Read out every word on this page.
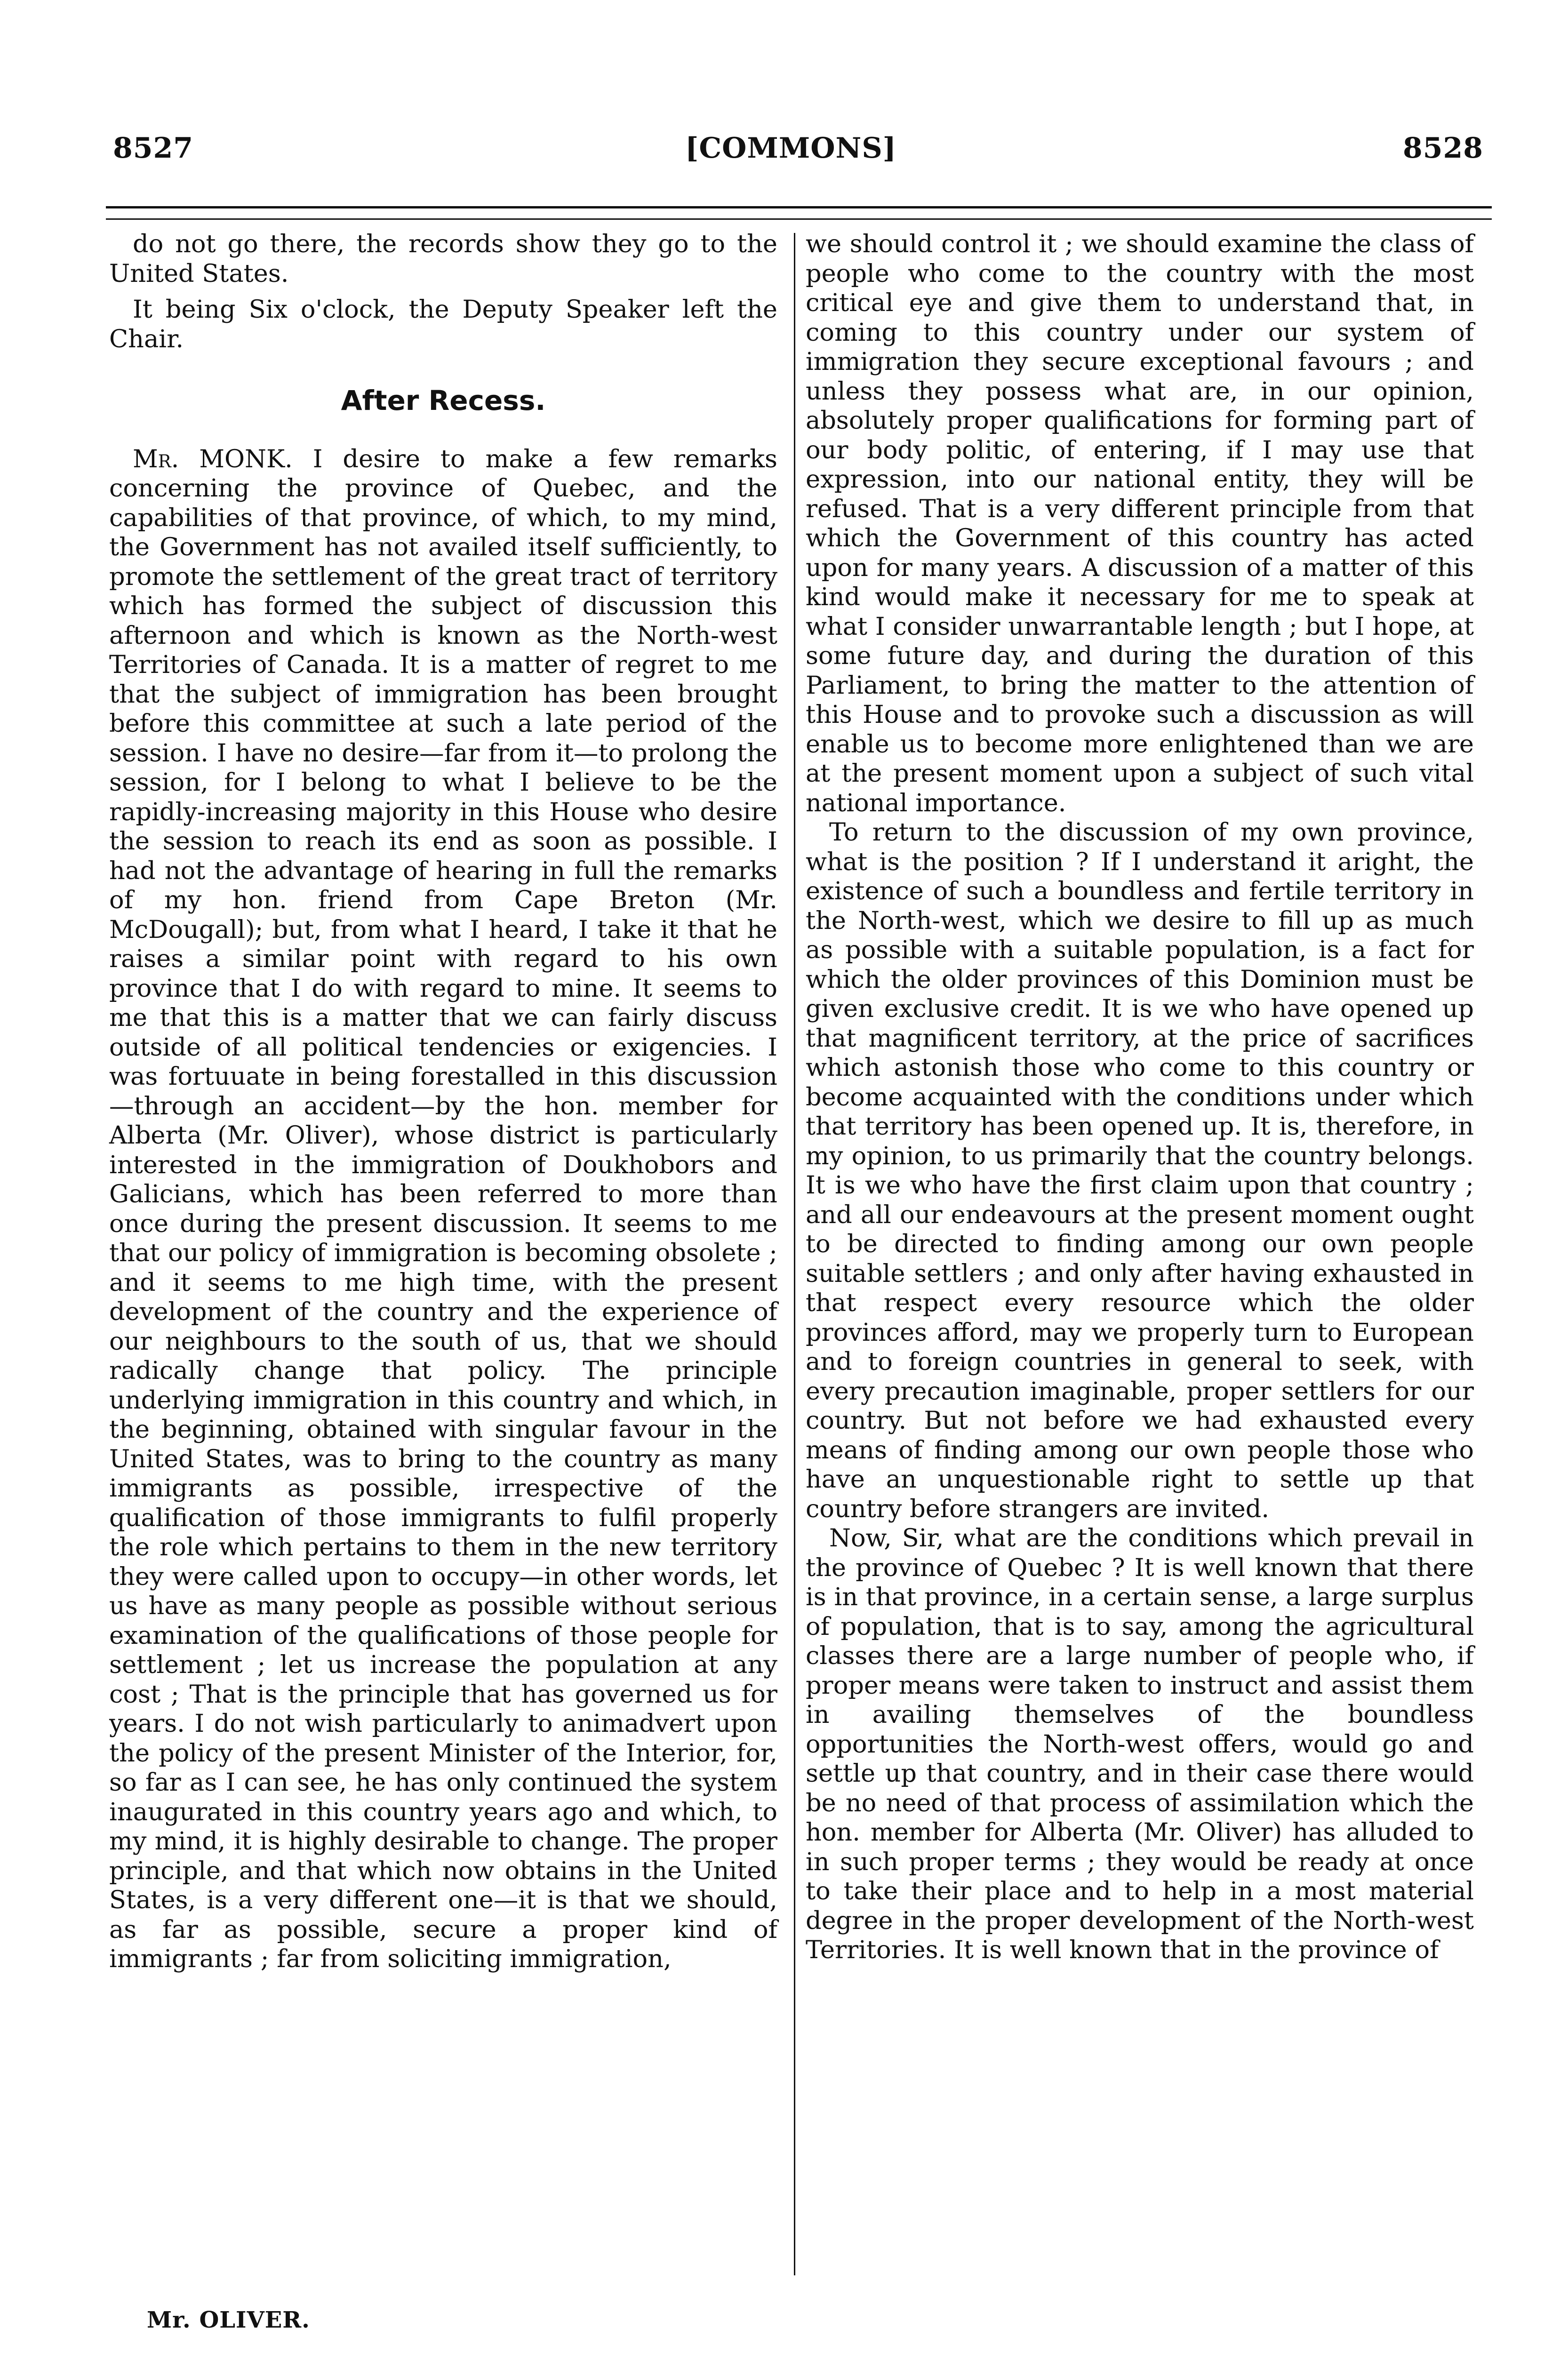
8527	[COMMONS]	8528

do not go there, the records show they go to the United States.

It being Six o'clock, the Deputy Speaker left the Chair.

After Recess.

Mr. MONK. I desire to make a few remarks concerning the province of Quebec, and the capabilities of that province, of which, to my mind, the Government has not availed itself sufficiently, to promote the settlement of the great tract of territory which has formed the subject of discussion this afternoon and which is known as the North-west Territories of Canada. It is a matter of regret to me that the subject of immigration has been brought before this committee at such a late period of the session. I have no desire—far from it—to prolong the session, for I belong to what I believe to be the rapidly-increasing majority in this House who desire the session to reach its end as soon as possible. I had not the advantage of hearing in full the remarks of my hon. friend from Cape Breton (Mr. McDougall); but, from what I heard, I take it that he raises a similar point with regard to his own province that I do with regard to mine. It seems to me that this is a matter that we can fairly discuss outside of all political tendencies or exigencies. I was fortuuate in being forestalled in this discussion—through an accident—by the hon. member for Alberta (Mr. Oliver), whose district is particularly interested in the immigration of Doukhobors and Galicians, which has been referred to more than once during the present discussion. It seems to me that our policy of immigration is becoming obsolete ; and it seems to me high time, with the present development of the country and the experience of our neighbours to the south of us, that we should radically change that policy. The principle underlying immigration in this country and which, in the beginning, obtained with singular favour in the United States, was to bring to the country as many immigrants as possible, irrespective of the qualification of those immigrants to fulfil properly the role which pertains to them in the new territory they were called upon to occupy—in other words, let us have as many people as possible without serious examination of the qualifications of those people for settlement ; let us increase the population at any cost ; That is the principle that has governed us for years. I do not wish particularly to animadvert upon the policy of the present Minister of the Interior, for, so far as I can see, he has only continued the system inaugurated in this country years ago and which, to my mind, it is highly desirable to change. The proper principle, and that which now obtains in the United States, is a very different one—it is that we should, as far as possible, secure a proper kind of immigrants ; far from soliciting immigration,

we should control it ; we should examine the class of people who come to the country with the most critical eye and give them to understand that, in coming to this country under our system of immigration they secure exceptional favours ; and unless they possess what are, in our opinion, absolutely proper qualifications for forming part of our body politic, of entering, if I may use that expression, into our national entity, they will be refused. That is a very different principle from that which the Government of this country has acted upon for many years. A discussion of a matter of this kind would make it necessary for me to speak at what I consider unwarrantable length ; but I hope, at some future day, and during the duration of this Parliament, to bring the matter to the attention of this House and to provoke such a discussion as will enable us to become more enlightened than we are at the present moment upon a subject of such vital national importance.

To return to the discussion of my own province, what is the position ? If I understand it aright, the existence of such a boundless and fertile territory in the North-west, which we desire to fill up as much as possible with a suitable population, is a fact for which the older provinces of this Dominion must be given exclusive credit. It is we who have opened up that magnificent territory, at the price of sacrifices which astonish those who come to this country or become acquainted with the conditions under which that territory has been opened up. It is, therefore, in my opinion, to us primarily that the country belongs. It is we who have the first claim upon that country ; and all our endeavours at the present moment ought to be directed to finding among our own people suitable settlers ; and only after having exhausted in that respect every resource which the older provinces afford, may we properly turn to European and to foreign countries in general to seek, with every precaution imaginable, proper settlers for our country. But not before we had exhausted every means of finding among our own people those who have an unquestionable right to settle up that country before strangers are invited.

Now, Sir, what are the conditions which prevail in the province of Quebec ? It is well known that there is in that province, in a certain sense, a large surplus of population, that is to say, among the agricultural classes there are a large number of people who, if proper means were taken to instruct and assist them in availing themselves of the boundless opportunities the North-west offers, would go and settle up that country, and in their case there would be no need of that process of assimilation which the hon. member for Alberta (Mr. Oliver) has alluded to in such proper terms ; they would be ready at once to take their place and to help in a most material degree in the proper development of the North-west Territories. It is well known that in the province of

Mr. OLIVER.
